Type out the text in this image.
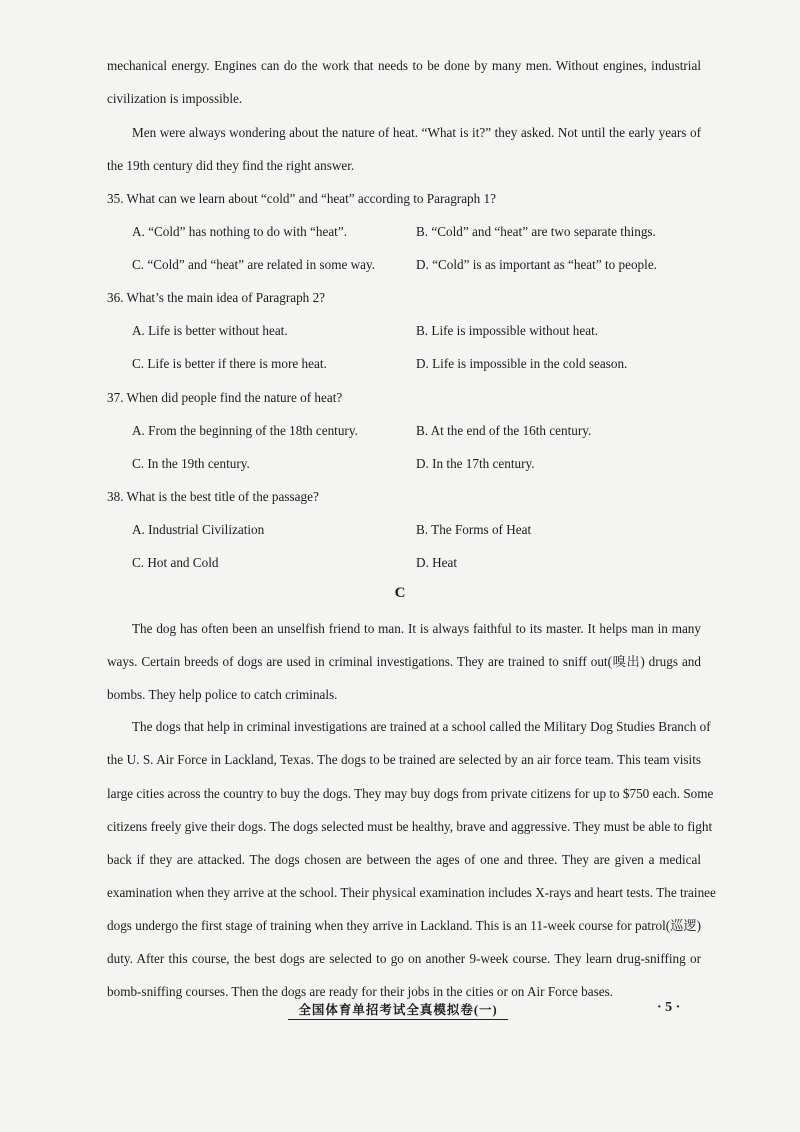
mechanical energy. Engines can do the work that needs to be done by many men. Without engines, industrial
civilization is impossible.
Men were always wondering about the nature of heat. “What is it?” they asked. Not until the early years of
the 19th century did they find the right answer.
35. What can we learn about “cold” and “heat” according to Paragraph 1?
A. “Cold” has nothing to do with “heat”.	B. “Cold” and “heat” are two separate things.
C. “Cold” and “heat” are related in some way.	D. “Cold” is as important as “heat” to people.
36. What’s the main idea of Paragraph 2?
A. Life is better without heat.	B. Life is impossible without heat.
C. Life is better if there is more heat.	D. Life is impossible in the cold season.
37. When did people find the nature of heat?
A. From the beginning of the 18th century.	B. At the end of the 16th century.
C. In the 19th century.	D. In the 17th century.
38. What is the best title of the passage?
A. Industrial Civilization	B. The Forms of Heat
C. Hot and Cold	D. Heat
C
The dog has often been an unselfish friend to man. It is always faithful to its master. It helps man in many
ways. Certain breeds of dogs are used in criminal investigations. They are trained to sniff out(嗅出) drugs and
bombs. They help police to catch criminals.
The dogs that help in criminal investigations are trained at a school called the Military Dog Studies Branch of
the U. S. Air Force in Lackland, Texas. The dogs to be trained are selected by an air force team. This team visits
large cities across the country to buy the dogs. They may buy dogs from private citizens for up to $750 each. Some
citizens freely give their dogs. The dogs selected must be healthy, brave and aggressive. They must be able to fight
back if they are attacked. The dogs chosen are between the ages of one and three. They are given a medical
examination when they arrive at the school. Their physical examination includes X-rays and heart tests. The trainee
dogs undergo the first stage of training when they arrive in Lackland. This is an 11-week course for patrol(巡逻)
duty. After this course, the best dogs are selected to go on another 9-week course. They learn drug-sniffing or
bomb-sniffing courses. Then the dogs are ready for their jobs in the cities or on Air Force bases.
全国体育单招考试全真模拟卷(一)	· 5 ·
